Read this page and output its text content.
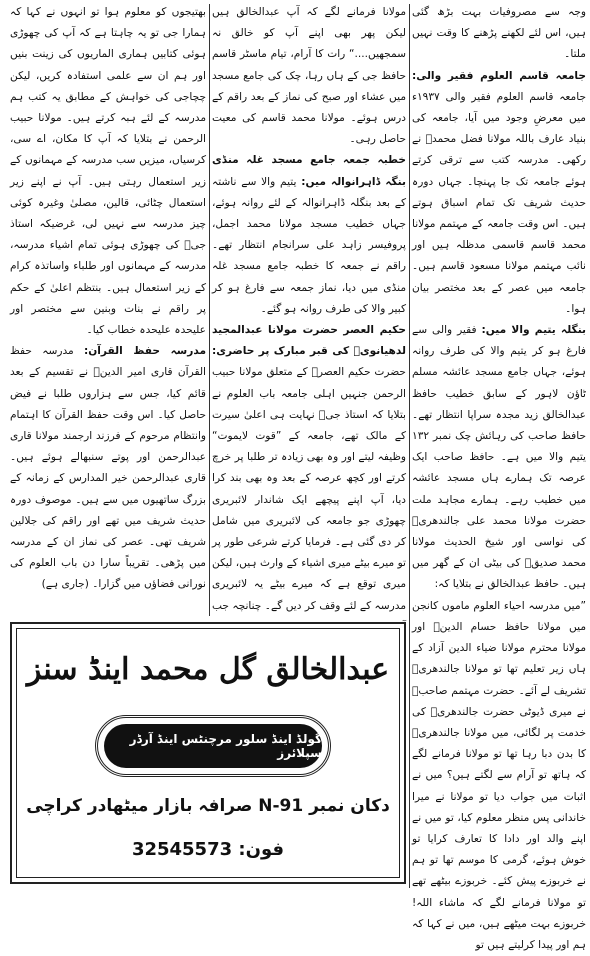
وجہ سے مصروفیات بہت بڑھ گئی ہیں، اس لئے لکھنے پڑھنے کا وقت نہیں ملتا۔

جامعہ قاسم العلوم فقیر والی: جامعہ قاسم العلوم فقیر والی ۱۹۳۷ء میں معرضِ وجود میں آیا، جامعہ کی بنیاد عارف باللہ مولانا فضل محمدؒ نے رکھی۔ مدرسہ کتب سے ترقی کرتے ہوئے جامعہ تک جا پہنچا۔ جہاں دورہ حدیث شریف تک تمام اسباق ہوتے ہیں۔ اس وقت جامعہ کے مہتمم مولانا محمد قاسم قاسمی مدظلہ ہیں اور نائب مہتمم مولانا مسعود قاسم ہیں۔ جامعہ میں عصر کے بعد مختصر بیان ہوا۔

بنگلہ یتیم والا میں: فقیر والی سے فارغ ہو کر یتیم والا کی طرف روانہ ہوئے، جہاں جامع مسجد عائشہ مسلم ٹاؤن لاہور کے سابق خطیب حافظ عبدالخالق زید مجدہ سراپا انتظار تھے۔ حافظ صاحب کی رہائش چک نمبر ۱۳۲ یتیم والا میں ہے۔ حافظ صاحب ایک عرصہ تک ہمارے ہاں مسجد عائشہ میں خطیب رہے۔ ہمارے مجاہد ملت حضرت مولانا محمد علی جالندھریؒ کی نواسی اور شیخ الحدیث مولانا محمد صدیقؒ کی بیٹی ان کے گھر میں ہیں۔ حافظ عبدالخالق نے بتلایا کہ:

”میں مدرسہ احیاء العلوم ماموں کانجن میں مولانا حافظ حسام الدینؒ اور مولانا محترم مولانا ضیاء الدین آزاد کے ہاں زیر تعلیم تھا تو مولانا جالندھریؒ تشریف لے آئے۔ حضرت مہتمم صاحبؒ نے میری ڈیوٹی حضرت جالندھریؒ کی خدمت پر لگائی، میں مولانا جالندھریؒ کا بدن دبا رہا تھا تو مولانا فرمانے لگے کہ ہاتھ تو آرام سے لگتے ہیں؟ میں نے اثبات میں جواب دیا تو مولانا نے میرا خاندانی پس منظر معلوم کیا، تو میں نے اپنے والد اور دادا کا تعارف کرایا تو خوش ہوئے، گرمی کا موسم تھا تو ہم نے خربوزے پیش کئے۔ خربوزے بیٹھے تھے تو مولانا فرمانے لگے کہ ماشاء اللہ! خربوزے بہت میٹھے ہیں، میں نے کہا کہ ہم اور پیدا کرلیتے ہیں تو

مولانا فرمانے لگے کہ آپ عبدالخالق ہیں لیکن پھر بھی اپنے آپ کو خالق نہ سمجھیں....“ رات کا آرام، تیام ماسٹر قاسم حافظ جی کے ہاں رہا، چک کی جامع مسجد میں عشاء اور صبح کی نماز کے بعد راقم کے درس ہوئے۔ مولانا محمد قاسم کی معیت حاصل رہی۔

خطبہ جمعہ جامع مسجد غلہ منڈی بنگہ ڈاہرانوالہ میں: یتیم والا سے ناشتہ کے بعد بنگلہ ڈاہرانوالہ کے لئے روانہ ہوئے، جہاں خطیب مسجد مولانا محمد اجمل، پروفیسر زاہد علی سرانجام انتظار تھے۔ راقم نے جمعہ کا خطبہ جامع مسجد غلہ منڈی میں دیا، نماز جمعہ سے فارغ ہو کر کبیر والا کی طرف روانہ ہو گئے۔

حکیم العصر حضرت مولانا عبدالمجید لدھیانویؒ کی قبر مبارک پر حاضری: حضرت حکیم العصرؒ کے متعلق مولانا حبیب الرحمن جنہیں اہلی جامعہ باب العلوم نے بتلایا کہ استاذ جیؒ نہایت ہی اعلیٰ سیرت کے مالک تھے، جامعہ کے ”قوت لایموت“ وظیفہ لیتے اور وہ بھی زیادہ تر طلبا پر خرچ کرتے اور کچھ عرصہ کے بعد وہ بھی بند کرا دیا، آپ اپنے پیچھے ایک شاندار لائبریری چھوڑی جو جامعہ کی لائبریری میں شامل کر دی گئی ہے۔ فرمایا کرتے شرعی طور پر تو میرے بیٹے میری اشیاء کے وارث ہیں، لیکن میری توقع ہے کہ میرے بیٹے یہ لائبریری مدرسہ کے لئے وقف کر دیں گے۔ چنانچہ جب

بھتیجوں کو معلوم ہوا تو انہوں نے کہا کہ ہمارا جی تو یہ چاہتا ہے کہ آپ کی چھوڑی ہوئی کتابیں ہماری الماریوں کی زینت بنیں اور ہم ان سے علمی استفادہ کریں، لیکن چچاجی کی خواہش کے مطابق یہ کتب ہم مدرسہ کے لئے ہبہ کرتے ہیں۔ مولانا حبیب الرحمن نے بتلایا کہ آپ کا مکان، اے سی، کرسیاں، میزیں سب مدرسہ کے مہمانوں کے زیر استعمال رہتی ہیں۔ آپ نے اپنے زیر استعمال چٹائی، قالین، مصلیٰ وغیرہ کوئی چیز مدرسہ سے نہیں لی، غرضیکہ استاذ جیؒ کی چھوڑی ہوئی تمام اشیاء مدرسہ، مدرسہ کے مہمانوں اور طلباء واساتذہ کرام کے زیر استعمال ہیں۔ بنتظم اعلیٰ کے حکم پر راقم نے بنات وبنین سے مختصر اور علیحدہ علیحدہ خطاب کیا۔

مدرسہ حفظ القرآن: مدرسہ حفظ القرآن قاری امیر الدینؒ نے تقسیم کے بعد قائم کیا، جس سے ہزاروں طلبا نے فیض حاصل کیا۔ اس وقت حفظ القرآن کا اہتمام وانتظام مرحوم کے فرزند ارجمند مولانا قاری عبدالرحمن اور پوتے سنبھالے ہوئے ہیں۔ قاری عبدالرحمن خیر المدارس کے زمانہ کے بزرگ ساتھیوں میں سے ہیں۔ موصوف دورہ حدیث شریف میں تھے اور راقم کی جلالین شریف تھی۔ عصر کی نماز ان کے مدرسہ میں پڑھی۔ تقریباً سارا دن باب العلوم کی نورانی فضاؤں میں گزارا۔ (جاری ہے)

عبدالخالق گل محمد اینڈ سنز
گولڈ اینڈ سلور مرچنٹس اینڈ آرڈر سپلائرز
دکان نمبر N-91 صرافہ بازار میٹھادر کراچی
فون: 32545573
